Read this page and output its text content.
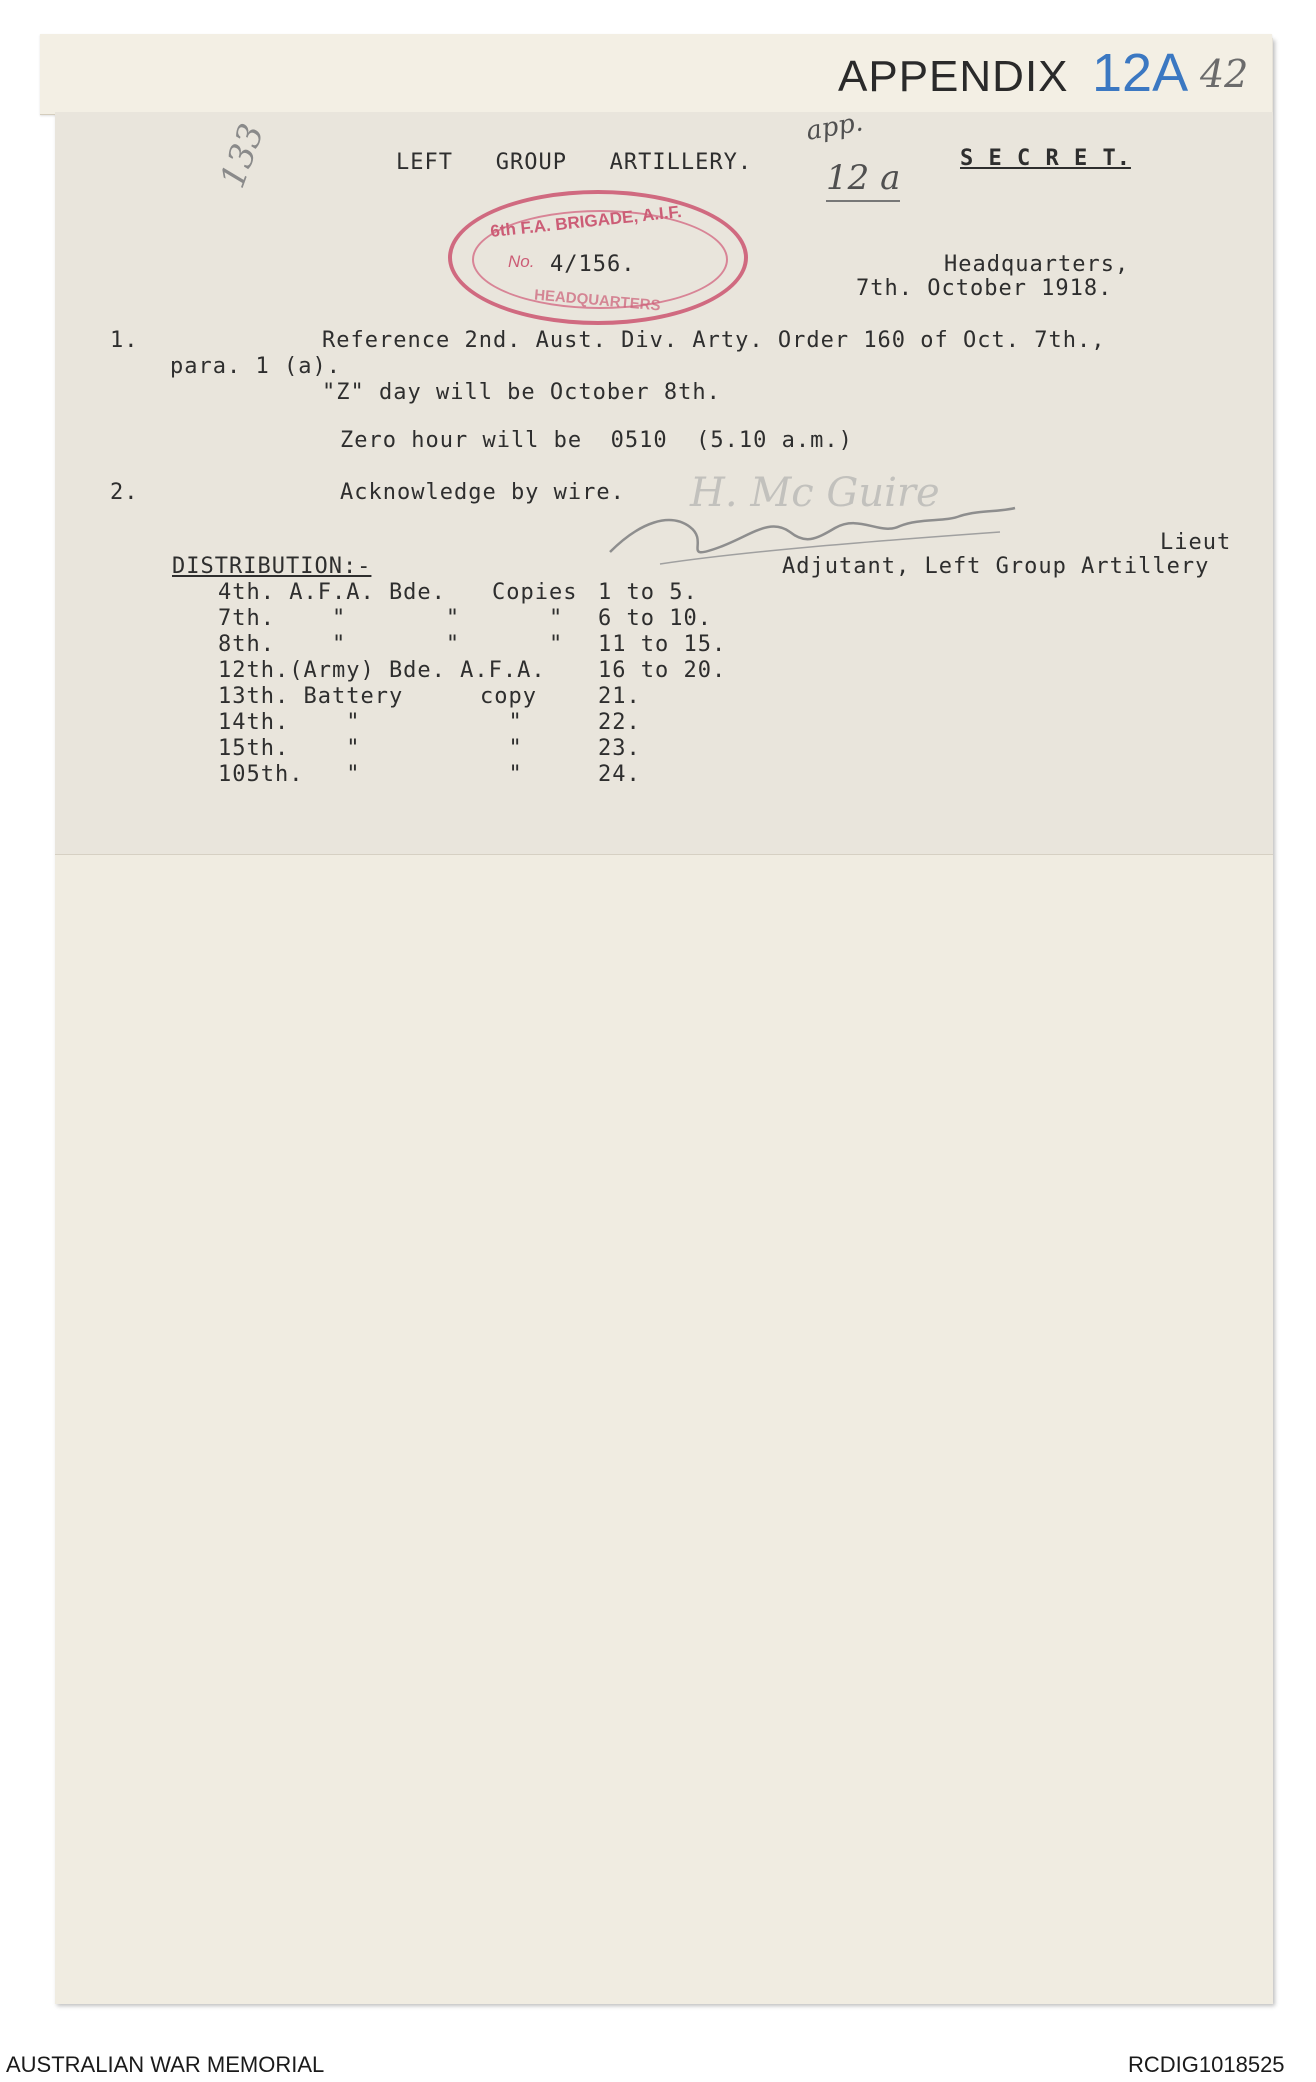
APPENDIX 12A 42
133	app.
12 a
LEFT   GROUP   ARTILLERY.	S E C R E T.
6th F.A. BRIGADE, A.I.F.
No.
HEADQUARTERS
4/156.	Headquarters,
7th. October 1918.
1.	Reference 2nd. Aust. Div. Arty. Order 160 of Oct. 7th.,
para. 1 (a).
"Z" day will be October 8th.
Zero hour will be  0510  (5.10 a.m.)
2.	Acknowledge by wire. H. Mc Guire
Lieut
Adjutant, Left Group Artillery
DISTRIBUTION:-
4th. A.F.A. Bde. Copies 1 to 5.
7th.    "       " " 6 to 10.
8th.    "       " " 11 to 15.
12th.(Army) Bde. A.F.A. 16 to 20.
13th. Battery	copy	21.
14th.    "	"	22.
15th.    "	"	23.
105th.   "	"	24.
AUSTRALIAN WAR MEMORIAL	RCDIG1018525
